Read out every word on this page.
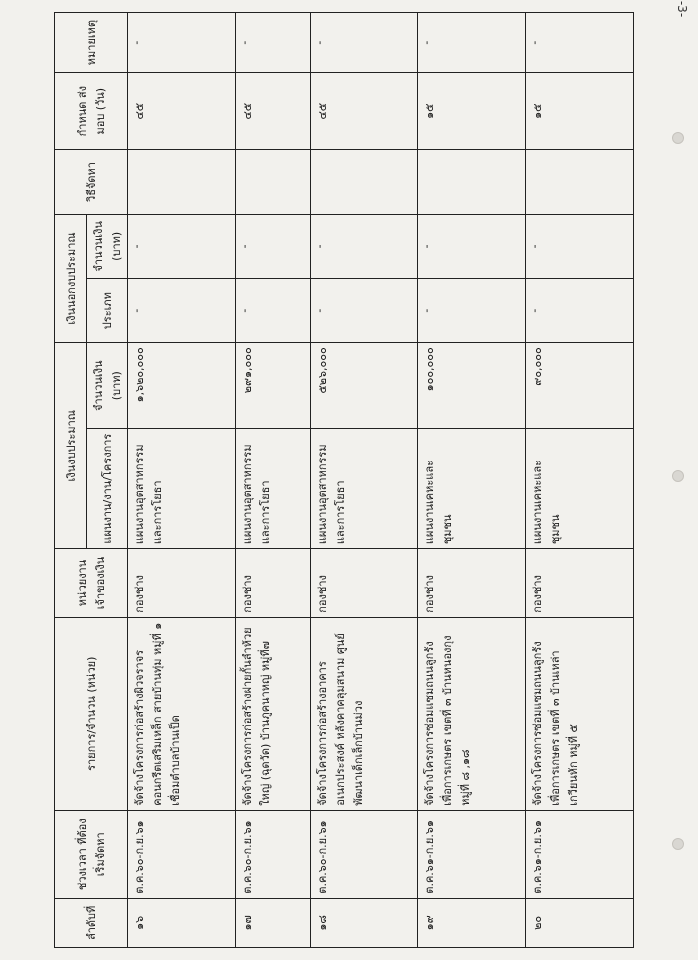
-3-
ลำดับที่	ช่วงเวลา ที่ต้องเริ่มจัดหา	รายการ/จำนวน (หน่วย)	หน่วยงาน เจ้าของเงิน	เงินงบประมาณ		เงินนอกงบประมาณ		วิธีจัดหา	กำหนด ส่งมอบ (วัน)	หมายเหตุ
				แผนงาน/งาน/โครงการ	จำนวนเงิน (บาท)	ประเภท	จำนวนเงิน (บาท)			
๑๖	ต.ค.๖๐-ก.ย.๖๑	จัดจ้างโครงการก่อสร้างผิวจราจร คอนกรีตเสริมเหล็ก สายบ้านทุ่ม หมู่ที่ ๑ เชื่อมตำบลบ้านเป็ด	กองช่าง	แผนงานอุตสาหกรรม และการโยธา	๑,๖๒๐,๐๐๐	-	-		๔๕	-
๑๗	ต.ค.๖๐-ก.ย.๖๑	จัดจ้างโครงการก่อสร้างฝายกั้นลำห้วยใหญ่ (ฉุดวัด) บ้านภูคนาหญ่ หมู่ที่๗	กองช่าง	แผนงานอุตสาหกรรม และการโยธา	๒๙๑,๐๐๐	-	-		๔๕	-
๑๘	ต.ค.๖๐-ก.ย.๖๑	จัดจ้างโครงการก่อสร้างอาคาร อเนกประสงค์ หลังคาคลุมสนาม ศูนย์พัฒนาเด็กเล็กบ้านม่วง	กองช่าง	แผนงานอุตสาหกรรม และการโยธา	๕๒๖,๐๐๐	-	-		๔๕	-
๑๙	ต.ค.๖๑-ก.ย.๖๑	จัดจ้างโครงการซ่อมแซมถนนลูกรัง เพื่อการเกษตร เขตที่ ๓ บ้านหนองกุง หมู่ที่ ๘ ,๑๘	กองช่าง	แผนงานเคหะและชุมชน	๑๐๐,๐๐๐	-	-		๑๕	-
๒๐	ต.ค.๖๑-ก.ย.๖๑	จัดจ้างโครงการซ่อมแซมถนนลูกรัง เพื่อการเกษตร เขตที่ ๓ บ้านเหล่า เกวียนหัก หมู่ที่ ๕	กองช่าง	แผนงานเคหะและชุมชน	๙๐,๐๐๐	-	-		๑๕	-
